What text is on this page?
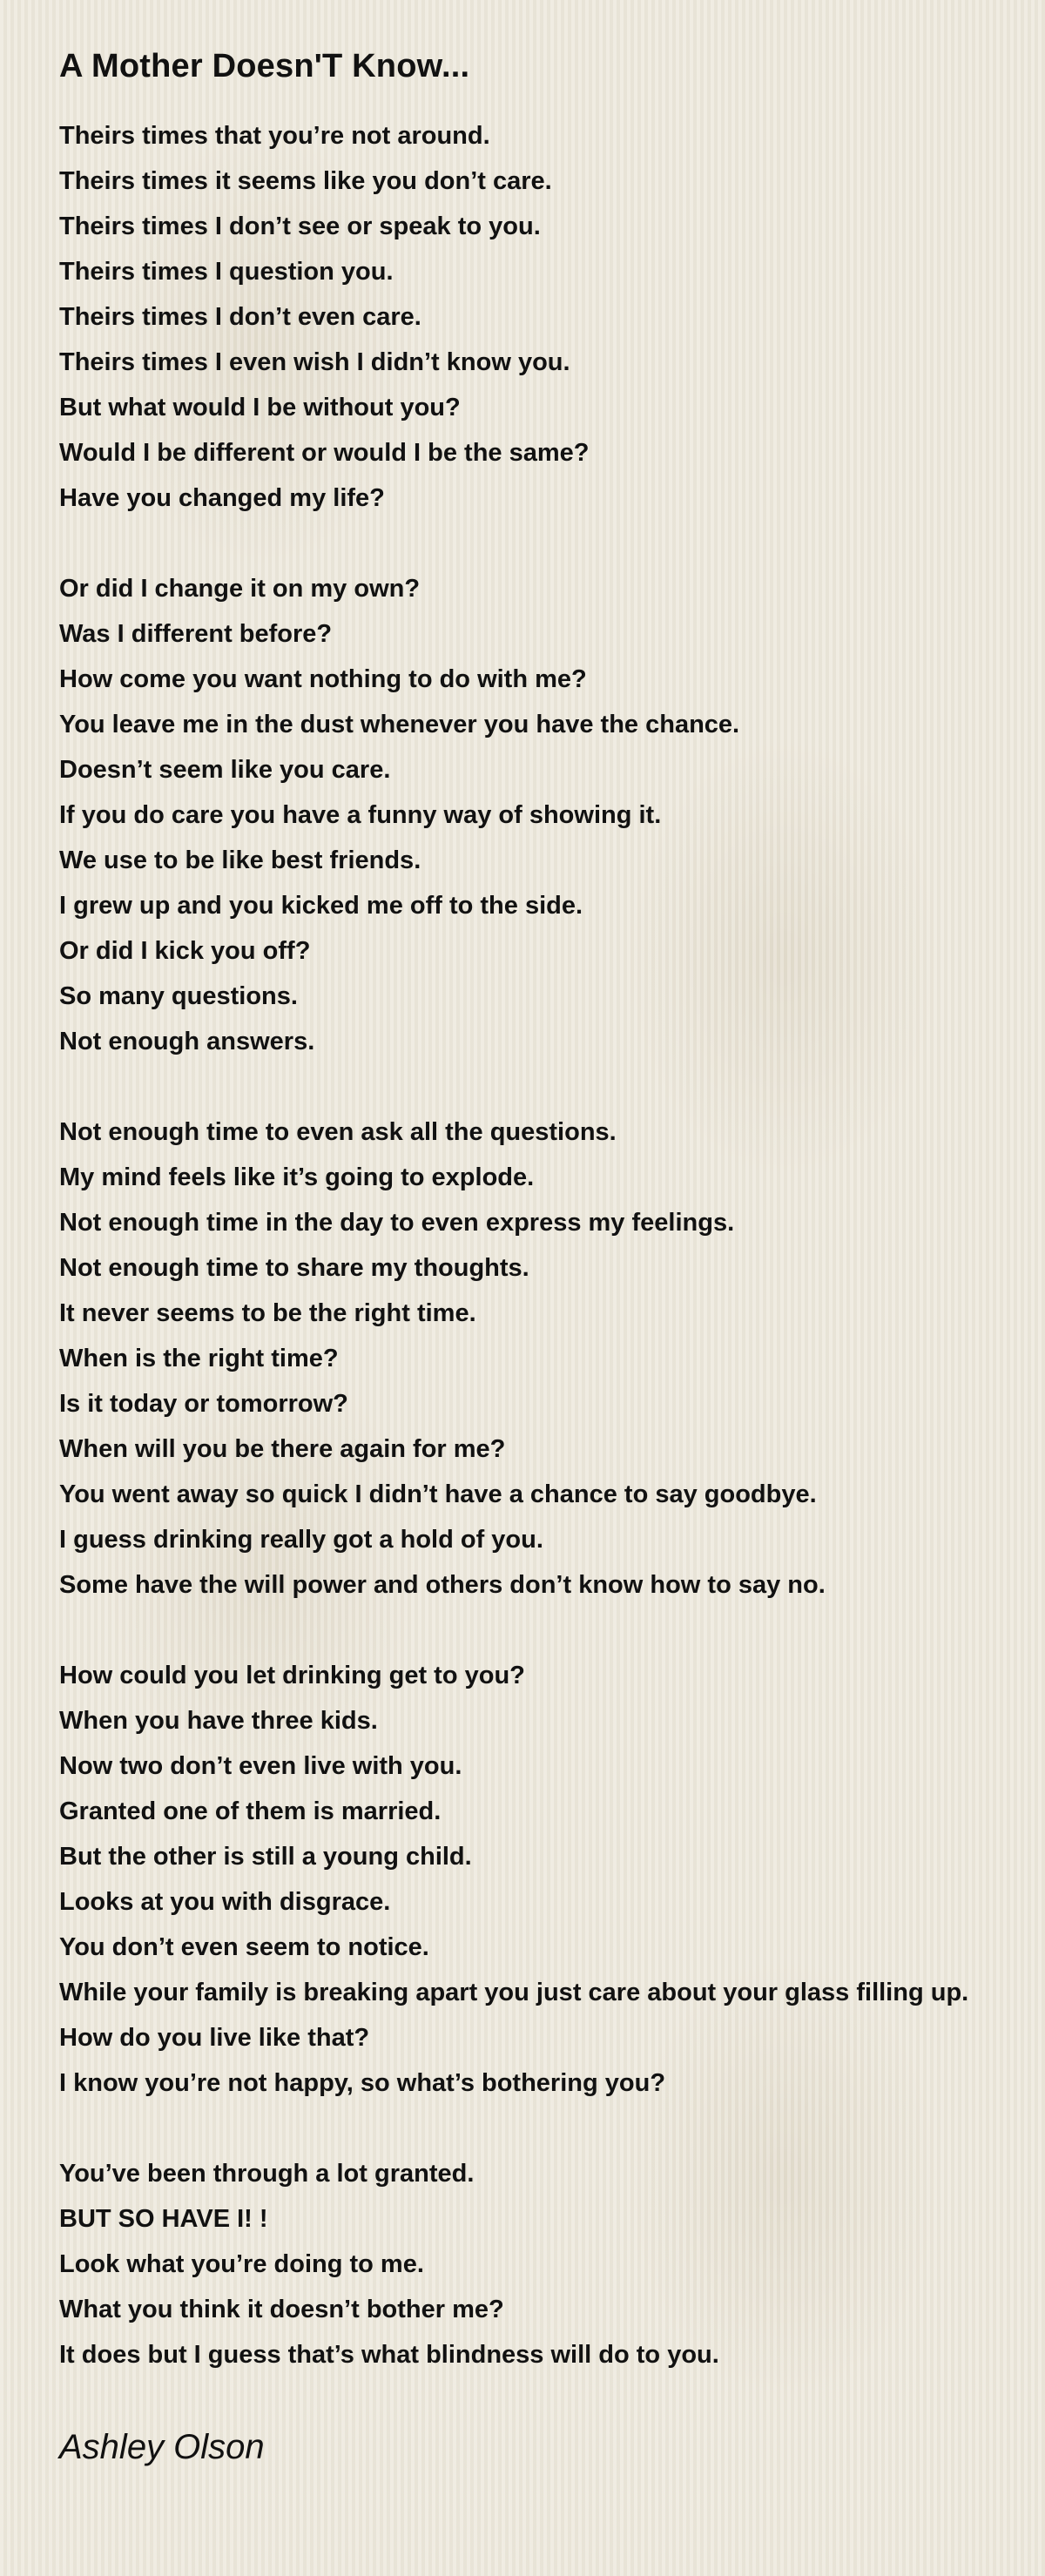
A Mother Doesn'T Know...
Theirs times that you’re not around.
Theirs times it seems like you don’t care.
Theirs times I don’t see or speak to you.
Theirs times I question you.
Theirs times I don’t even care.
Theirs times I even wish I didn’t know you.
But what would I be without you?
Would I be different or would I be the same?
Have you changed my life?
Or did I change it on my own?
Was I different before?
How come you want nothing to do with me?
You leave me in the dust whenever you have the chance.
Doesn’t seem like you care.
If you do care you have a funny way of showing it.
We use to be like best friends.
I grew up and you kicked me off to the side.
Or did I kick you off?
So many questions.
Not enough answers.
Not enough time to even ask all the questions.
My mind feels like it’s going to explode.
Not enough time in the day to even express my feelings.
Not enough time to share my thoughts.
It never seems to be the right time.
When is the right time?
Is it today or tomorrow?
When will you be there again for me?
You went away so quick I didn’t have a chance to say goodbye.
I guess drinking really got a hold of you.
Some have the will power and others don’t know how to say no.
How could you let drinking get to you?
When you have three kids.
Now two don’t even live with you.
Granted one of them is married.
But the other is still a young child.
Looks at you with disgrace.
You don’t even seem to notice.
While your family is breaking apart you just care about your glass filling up.
How do you live like that?
I know you’re not happy, so what’s bothering you?
You’ve been through a lot granted.
BUT SO HAVE I! !
Look what you’re doing to me.
What you think it doesn’t bother me?
It does but I guess that’s what blindness will do to you.
Ashley Olson
